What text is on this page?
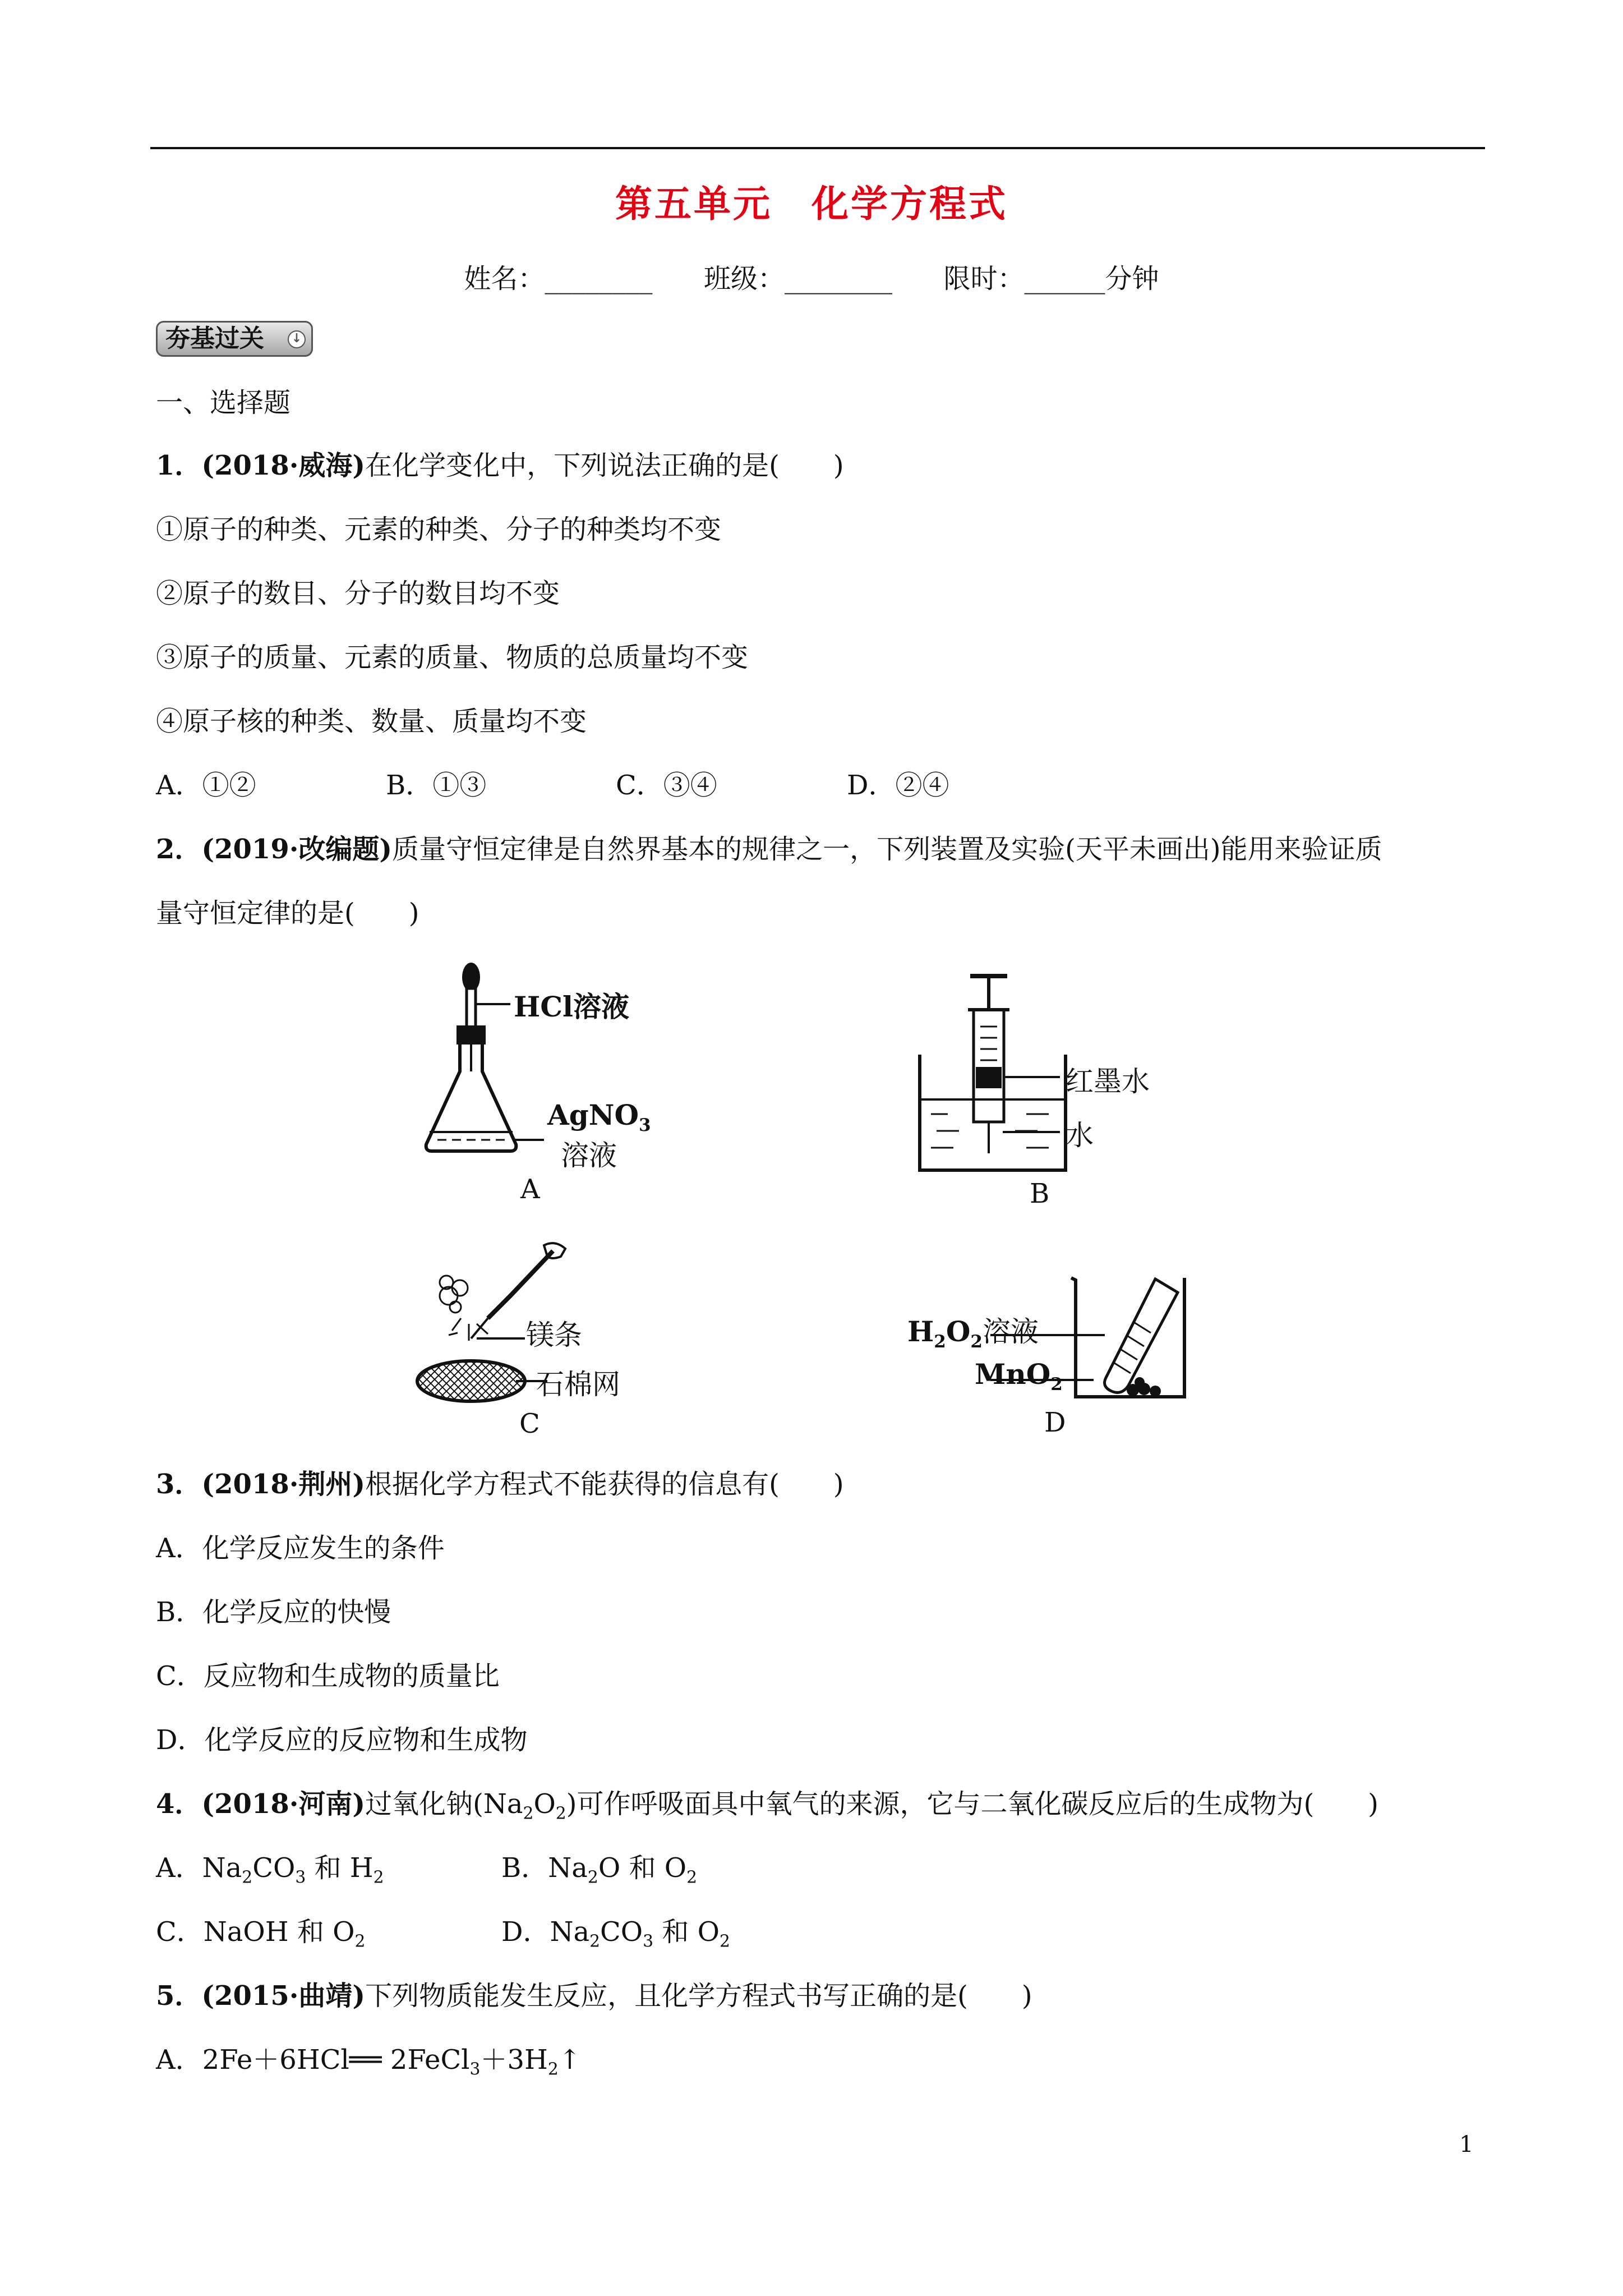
第五单元　化学方程式
姓名：________ 班级：________ 限时：______分钟
夯基过关	↓
一、选择题
1．(2018·威海)在化学变化中，下列说法正确的是(　　)
①原子的种类、元素的种类、分子的种类均不变
②原子的数目、分子的数目均不变
③原子的质量、元素的质量、物质的总质量均不变
④原子核的种类、数量、质量均不变

A．①②

	B．①③

	C．③④

	D．②④

2．(2019·改编题)质量守恒定律是自然界基本的规律之一，下列装置及实验(天平未画出)能用来验证质
量守恒定律的是(　　)
HCl溶液
AgNO$_3$
溶液
A
红墨水
水
B
镁条
石棉网
C
$H_2O_2$溶液
MnO$_2$
D
3．(2018·荆州)根据化学方程式不能获得的信息有(　　)
A．化学反应发生的条件
B．化学反应的快慢
C．反应物和生成物的质量比
D．化学反应的反应物和生成物
4．(2018·河南)过氧化钠$(Na_2O_2)$可作呼吸面具中氧气的来源，它与二氧化碳反应后的生成物为(　　)

A．$Na_2CO_3$ 和 $H_2$

	B．$Na_2O$ 和 $O_2$

C．NaOH 和 $O_2$

	D．$Na_2CO_3$ 和 $O_2$

5．(2015·曲靖)下列物质能发生反应，且化学方程式书写正确的是(　　)
A．2Fe＋6HCl══ $2FeCl_3+3H_2↑$
1
